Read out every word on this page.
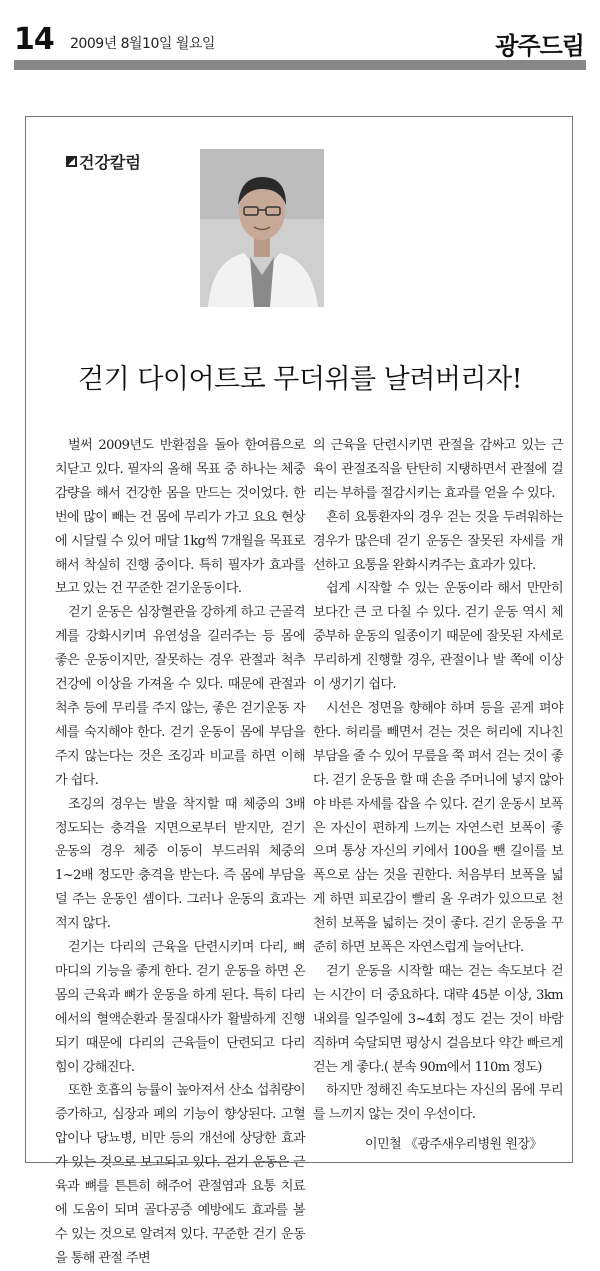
14 2009년 8월10일 월요일	광주드림
건강칼럼
걷기 다이어트로 무더위를 날려버리자!

벌써 2009년도 반환점을 돌아 한여름으로 치닫고 있다. 필자의 올해 목표 중 하나는 체중감량을 해서 건강한 몸을 만드는 것이었다. 한번에 많이 빼는 건 몸에 무리가 가고 요요 현상에 시달릴 수 있어 매달 1kg씩 7개월을 목표로 해서 착실히 진행 중이다. 특히 필자가 효과를 보고 있는 건 꾸준한 걷기운동이다.

걷기 운동은 심장혈관을 강하게 하고 근골격계를 강화시키며 유연성을 길러주는 등 몸에 좋은 운동이지만, 잘못하는 경우 관절과 척추건강에 이상을 가져올 수 있다. 때문에 관절과 척추 등에 무리를 주지 않는, 좋은 걷기운동 자세를 숙지해야 한다. 걷기 운동이 몸에 부담을 주지 않는다는 것은 조깅과 비교를 하면 이해가 쉽다.

조깅의 경우는 발을 착지할 때 체중의 3배 정도되는 충격을 지면으로부터 받지만, 걷기 운동의 경우 체중 이동이 부드러워 체중의 1~2배 정도만 충격을 받는다. 즉 몸에 부담을 덜 주는 운동인 셈이다. 그러나 운동의 효과는 적지 않다.

걷기는 다리의 근육을 단련시키며 다리, 뼈마디의 기능을 좋게 한다. 걷기 운동을 하면 온몸의 근육과 뼈가 운동을 하게 된다. 특히 다리에서의 혈액순환과 물질대사가 활발하게 진행되기 때문에 다리의 근육들이 단련되고 다리 힘이 강해진다.

또한 호흡의 능률이 높아져서 산소 섭취량이 증가하고, 심장과 폐의 기능이 향상된다. 고혈압이나 당뇨병, 비만 등의 개선에 상당한 효과가 있는 것으로 보고되고 있다. 걷기 운동은 근육과 뼈를 튼튼히 해주어 관절염과 요통 치료에 도움이 되며 골다공증 예방에도 효과를 볼 수 있는 것으로 알려져 있다. 꾸준한 걷기 운동을 통해 관절 주변

의 근육을 단련시키면 관절을 감싸고 있는 근육이 관절조직을 탄탄히 지탱하면서 관절에 걸리는 부하를 절감시키는 효과를 얻을 수 있다.

흔히 요통환자의 경우 걷는 것을 두려워하는 경우가 많은데 걷기 운동은 잘못된 자세를 개선하고 요통을 완화시켜주는 효과가 있다.

쉽게 시작할 수 있는 운동이라 해서 만만히 보다간 큰 코 다칠 수 있다. 걷기 운동 역시 체중부하 운동의 일종이기 때문에 잘못된 자세로 무리하게 진행할 경우, 관절이나 발 쪽에 이상이 생기기 쉽다.

시선은 정면을 향해야 하며 등을 곧게 펴야 한다. 허리를 빼면서 걷는 것은 허리에 지나친 부담을 줄 수 있어 무릎을 쭉 펴서 걷는 것이 좋다. 걷기 운동을 할 때 손을 주머니에 넣지 않아야 바른 자세를 잡을 수 있다. 걷기 운동시 보폭은 자신이 편하게 느끼는 자연스런 보폭이 좋으며 통상 자신의 키에서 100을 뺀 길이를 보폭으로 삼는 것을 권한다. 처음부터 보폭을 넓게 하면 피로감이 빨리 올 우려가 있으므로 천천히 보폭을 넓히는 것이 좋다. 걷기 운동을 꾸준히 하면 보폭은 자연스럽게 늘어난다.

걷기 운동을 시작할 때는 걷는 속도보다 걷는 시간이 더 중요하다. 대략 45분 이상, 3km 내외를 일주일에 3~4회 정도 걷는 것이 바람직하며 숙달되면 평상시 걸음보다 약간 빠르게 걷는 게 좋다.( 분속 90m에서 110m 정도)

하지만 정해진 속도보다는 자신의 몸에 무리를 느끼지 않는 것이 우선이다.

이민철 《광주새우리병원 원장》
